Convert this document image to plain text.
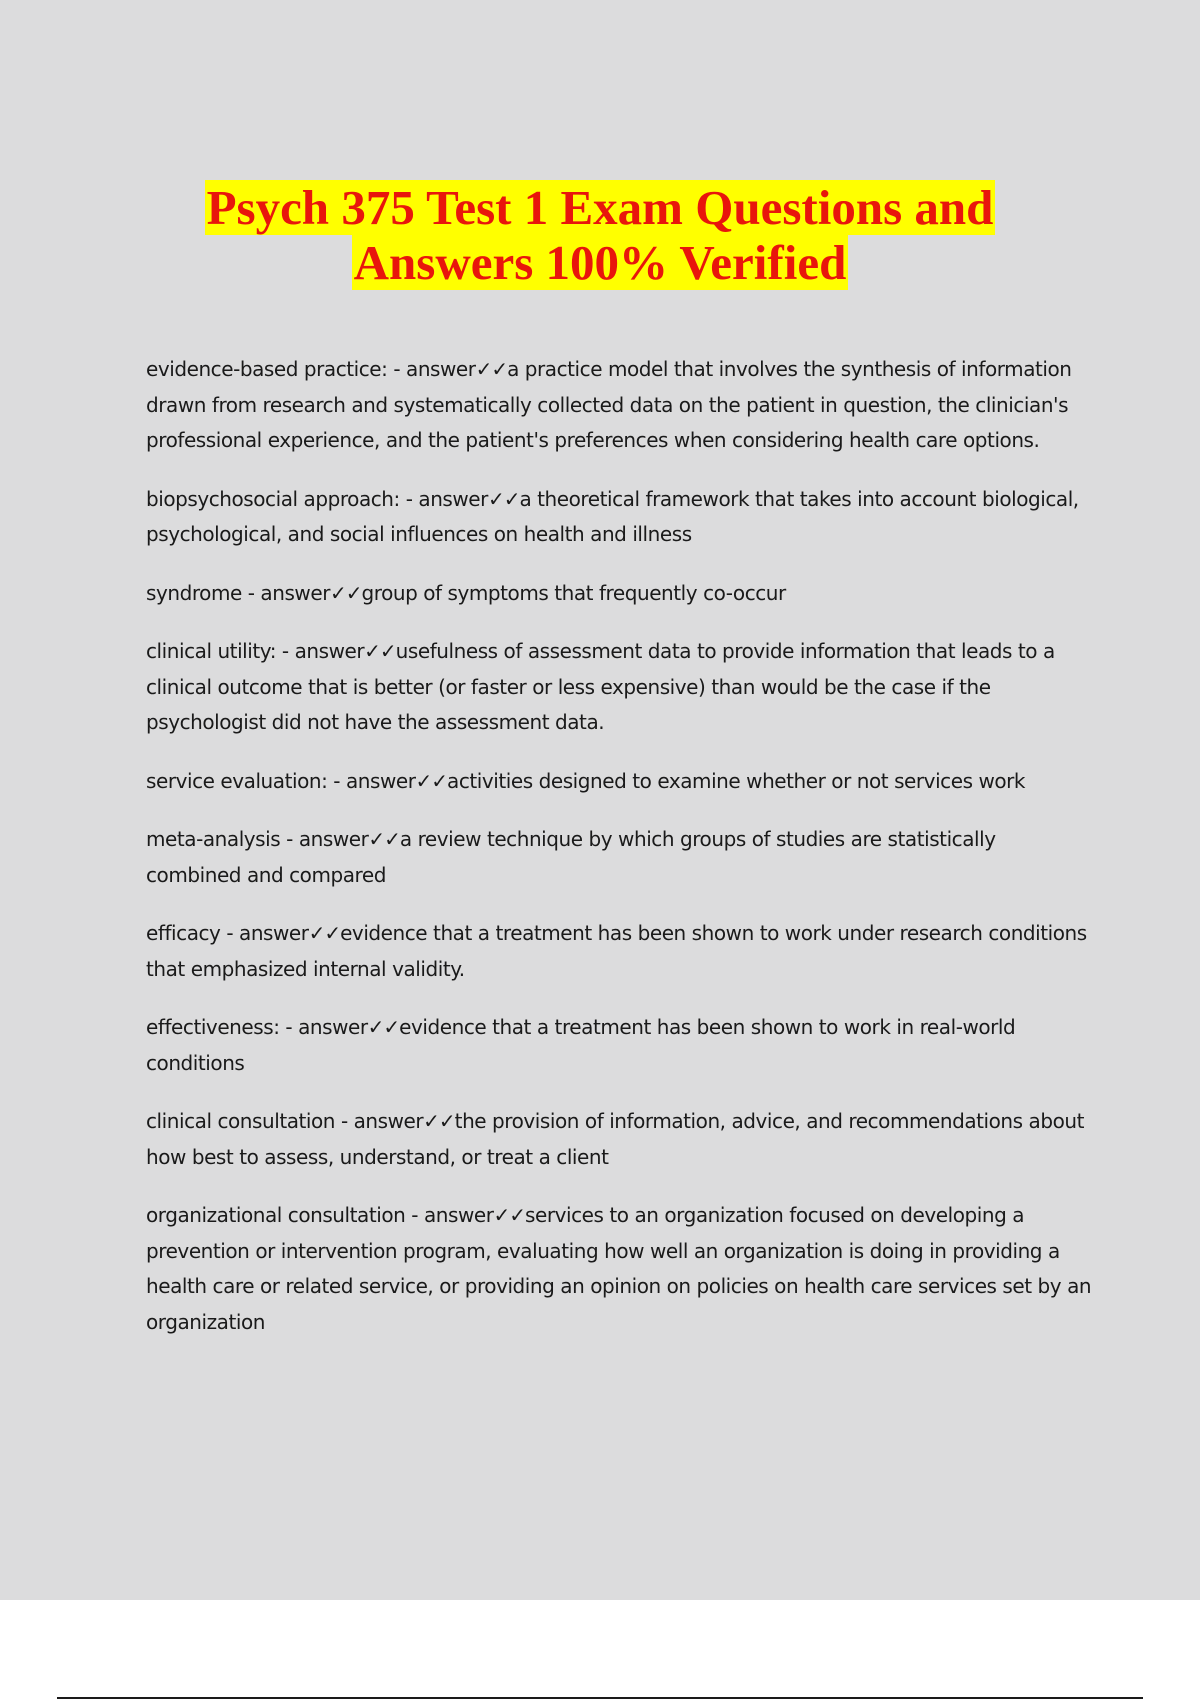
Psych 375 Test 1 Exam Questions and
Answers 100% Verified

evidence-based practice: - answer✓✓a practice model that involves the synthesis of information drawn from research and systematically collected data on the patient in question, the clinician's professional experience, and the patient's preferences when considering health care options.

biopsychosocial approach: - answer✓✓a theoretical framework that takes into account biological, psychological, and social influences on health and illness

syndrome - answer✓✓group of symptoms that frequently co-occur

clinical utility: - answer✓✓usefulness of assessment data to provide information that leads to a clinical outcome that is better (or faster or less expensive) than would be the case if the psychologist did not have the assessment data.

service evaluation: - answer✓✓activities designed to examine whether or not services work

meta-analysis - answer✓✓a review technique by which groups of studies are statistically combined and compared

efficacy - answer✓✓evidence that a treatment has been shown to work under research conditions that emphasized internal validity.

effectiveness: - answer✓✓evidence that a treatment has been shown to work in real-world conditions

clinical consultation - answer✓✓the provision of information, advice, and recommendations about how best to assess, understand, or treat a client

organizational consultation - answer✓✓services to an organization focused on developing a prevention or intervention program, evaluating how well an organization is doing in providing a health care or related service, or providing an opinion on policies on health care services set by an organization
